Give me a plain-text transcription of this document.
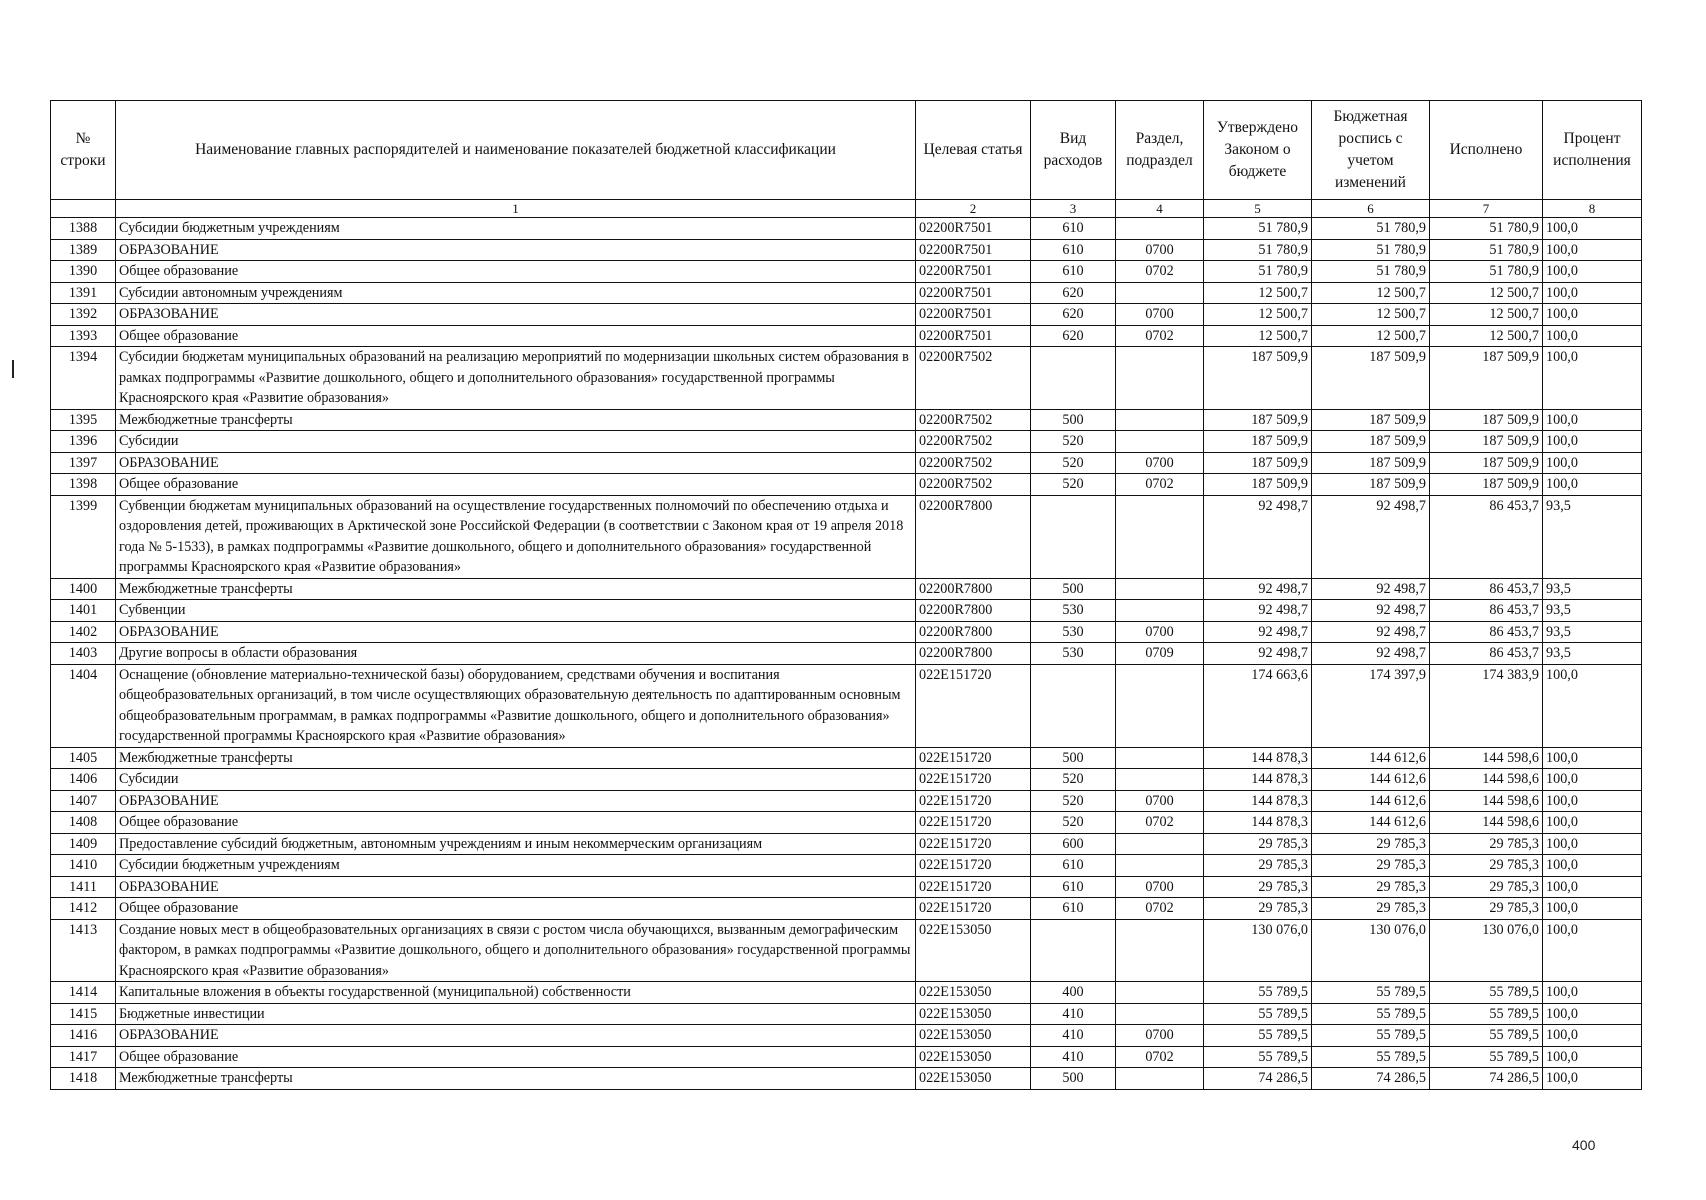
№ строки	Наименование главных распорядителей и наименование показателей бюджетной классификации	Целевая статья	Вид расходов	Раздел, подраздел	Утверждено Законом о бюджете	Бюджетная роспись с учетом изменений	Исполнено	Процент исполнения
	1	2	3	4	5	6	7	8
1388	Субсидии бюджетным учреждениям	02200R7501	610		51 780,9	51 780,9	51 780,9	100,0
1389	ОБРАЗОВАНИЕ	02200R7501	610	0700	51 780,9	51 780,9	51 780,9	100,0
1390	Общее образование	02200R7501	610	0702	51 780,9	51 780,9	51 780,9	100,0
1391	Субсидии автономным учреждениям	02200R7501	620		12 500,7	12 500,7	12 500,7	100,0
1392	ОБРАЗОВАНИЕ	02200R7501	620	0700	12 500,7	12 500,7	12 500,7	100,0
1393	Общее образование	02200R7501	620	0702	12 500,7	12 500,7	12 500,7	100,0
1394	Субсидии бюджетам муниципальных образований на реализацию мероприятий по модернизации школьных систем образования в рамках подпрограммы «Развитие дошкольного, общего и дополнительного образования» государственной программы Красноярского края «Развитие образования»	02200R7502			187 509,9	187 509,9	187 509,9	100,0
1395	Межбюджетные трансферты	02200R7502	500		187 509,9	187 509,9	187 509,9	100,0
1396	Субсидии	02200R7502	520		187 509,9	187 509,9	187 509,9	100,0
1397	ОБРАЗОВАНИЕ	02200R7502	520	0700	187 509,9	187 509,9	187 509,9	100,0
1398	Общее образование	02200R7502	520	0702	187 509,9	187 509,9	187 509,9	100,0
1399	Субвенции бюджетам муниципальных образований на осуществление государственных полномочий по обеспечению отдыха и оздоровления детей, проживающих в Арктической зоне Российской Федерации (в соответствии с Законом края от 19 апреля 2018 года № 5-1533), в рамках подпрограммы «Развитие дошкольного, общего и дополнительного образования» государственной программы Красноярского края «Развитие образования»	02200R7800			92 498,7	92 498,7	86 453,7	93,5
1400	Межбюджетные трансферты	02200R7800	500		92 498,7	92 498,7	86 453,7	93,5
1401	Субвенции	02200R7800	530		92 498,7	92 498,7	86 453,7	93,5
1402	ОБРАЗОВАНИЕ	02200R7800	530	0700	92 498,7	92 498,7	86 453,7	93,5
1403	Другие вопросы в области образования	02200R7800	530	0709	92 498,7	92 498,7	86 453,7	93,5
1404	Оснащение (обновление материально-технической базы) оборудованием, средствами обучения и воспитания общеобразовательных организаций, в том числе осуществляющих образовательную деятельность по адаптированным основным общеобразовательным программам, в рамках подпрограммы «Развитие дошкольного, общего и дополнительного образования» государственной программы Красноярского края «Развитие образования»	022E151720			174 663,6	174 397,9	174 383,9	100,0
1405	Межбюджетные трансферты	022E151720	500		144 878,3	144 612,6	144 598,6	100,0
1406	Субсидии	022E151720	520		144 878,3	144 612,6	144 598,6	100,0
1407	ОБРАЗОВАНИЕ	022E151720	520	0700	144 878,3	144 612,6	144 598,6	100,0
1408	Общее образование	022E151720	520	0702	144 878,3	144 612,6	144 598,6	100,0
1409	Предоставление субсидий бюджетным, автономным учреждениям и иным некоммерческим организациям	022E151720	600		29 785,3	29 785,3	29 785,3	100,0
1410	Субсидии бюджетным учреждениям	022E151720	610		29 785,3	29 785,3	29 785,3	100,0
1411	ОБРАЗОВАНИЕ	022E151720	610	0700	29 785,3	29 785,3	29 785,3	100,0
1412	Общее образование	022E151720	610	0702	29 785,3	29 785,3	29 785,3	100,0
1413	Создание новых мест в общеобразовательных организациях в связи с ростом числа обучающихся, вызванным демографическим фактором, в рамках подпрограммы «Развитие дошкольного, общего и дополнительного образования» государственной программы Красноярского края «Развитие образования»	022E153050			130 076,0	130 076,0	130 076,0	100,0
1414	Капитальные вложения в объекты государственной (муниципальной) собственности	022E153050	400		55 789,5	55 789,5	55 789,5	100,0
1415	Бюджетные инвестиции	022E153050	410		55 789,5	55 789,5	55 789,5	100,0
1416	ОБРАЗОВАНИЕ	022E153050	410	0700	55 789,5	55 789,5	55 789,5	100,0
1417	Общее образование	022E153050	410	0702	55 789,5	55 789,5	55 789,5	100,0
1418	Межбюджетные трансферты	022E153050	500		74 286,5	74 286,5	74 286,5	100,0
400
